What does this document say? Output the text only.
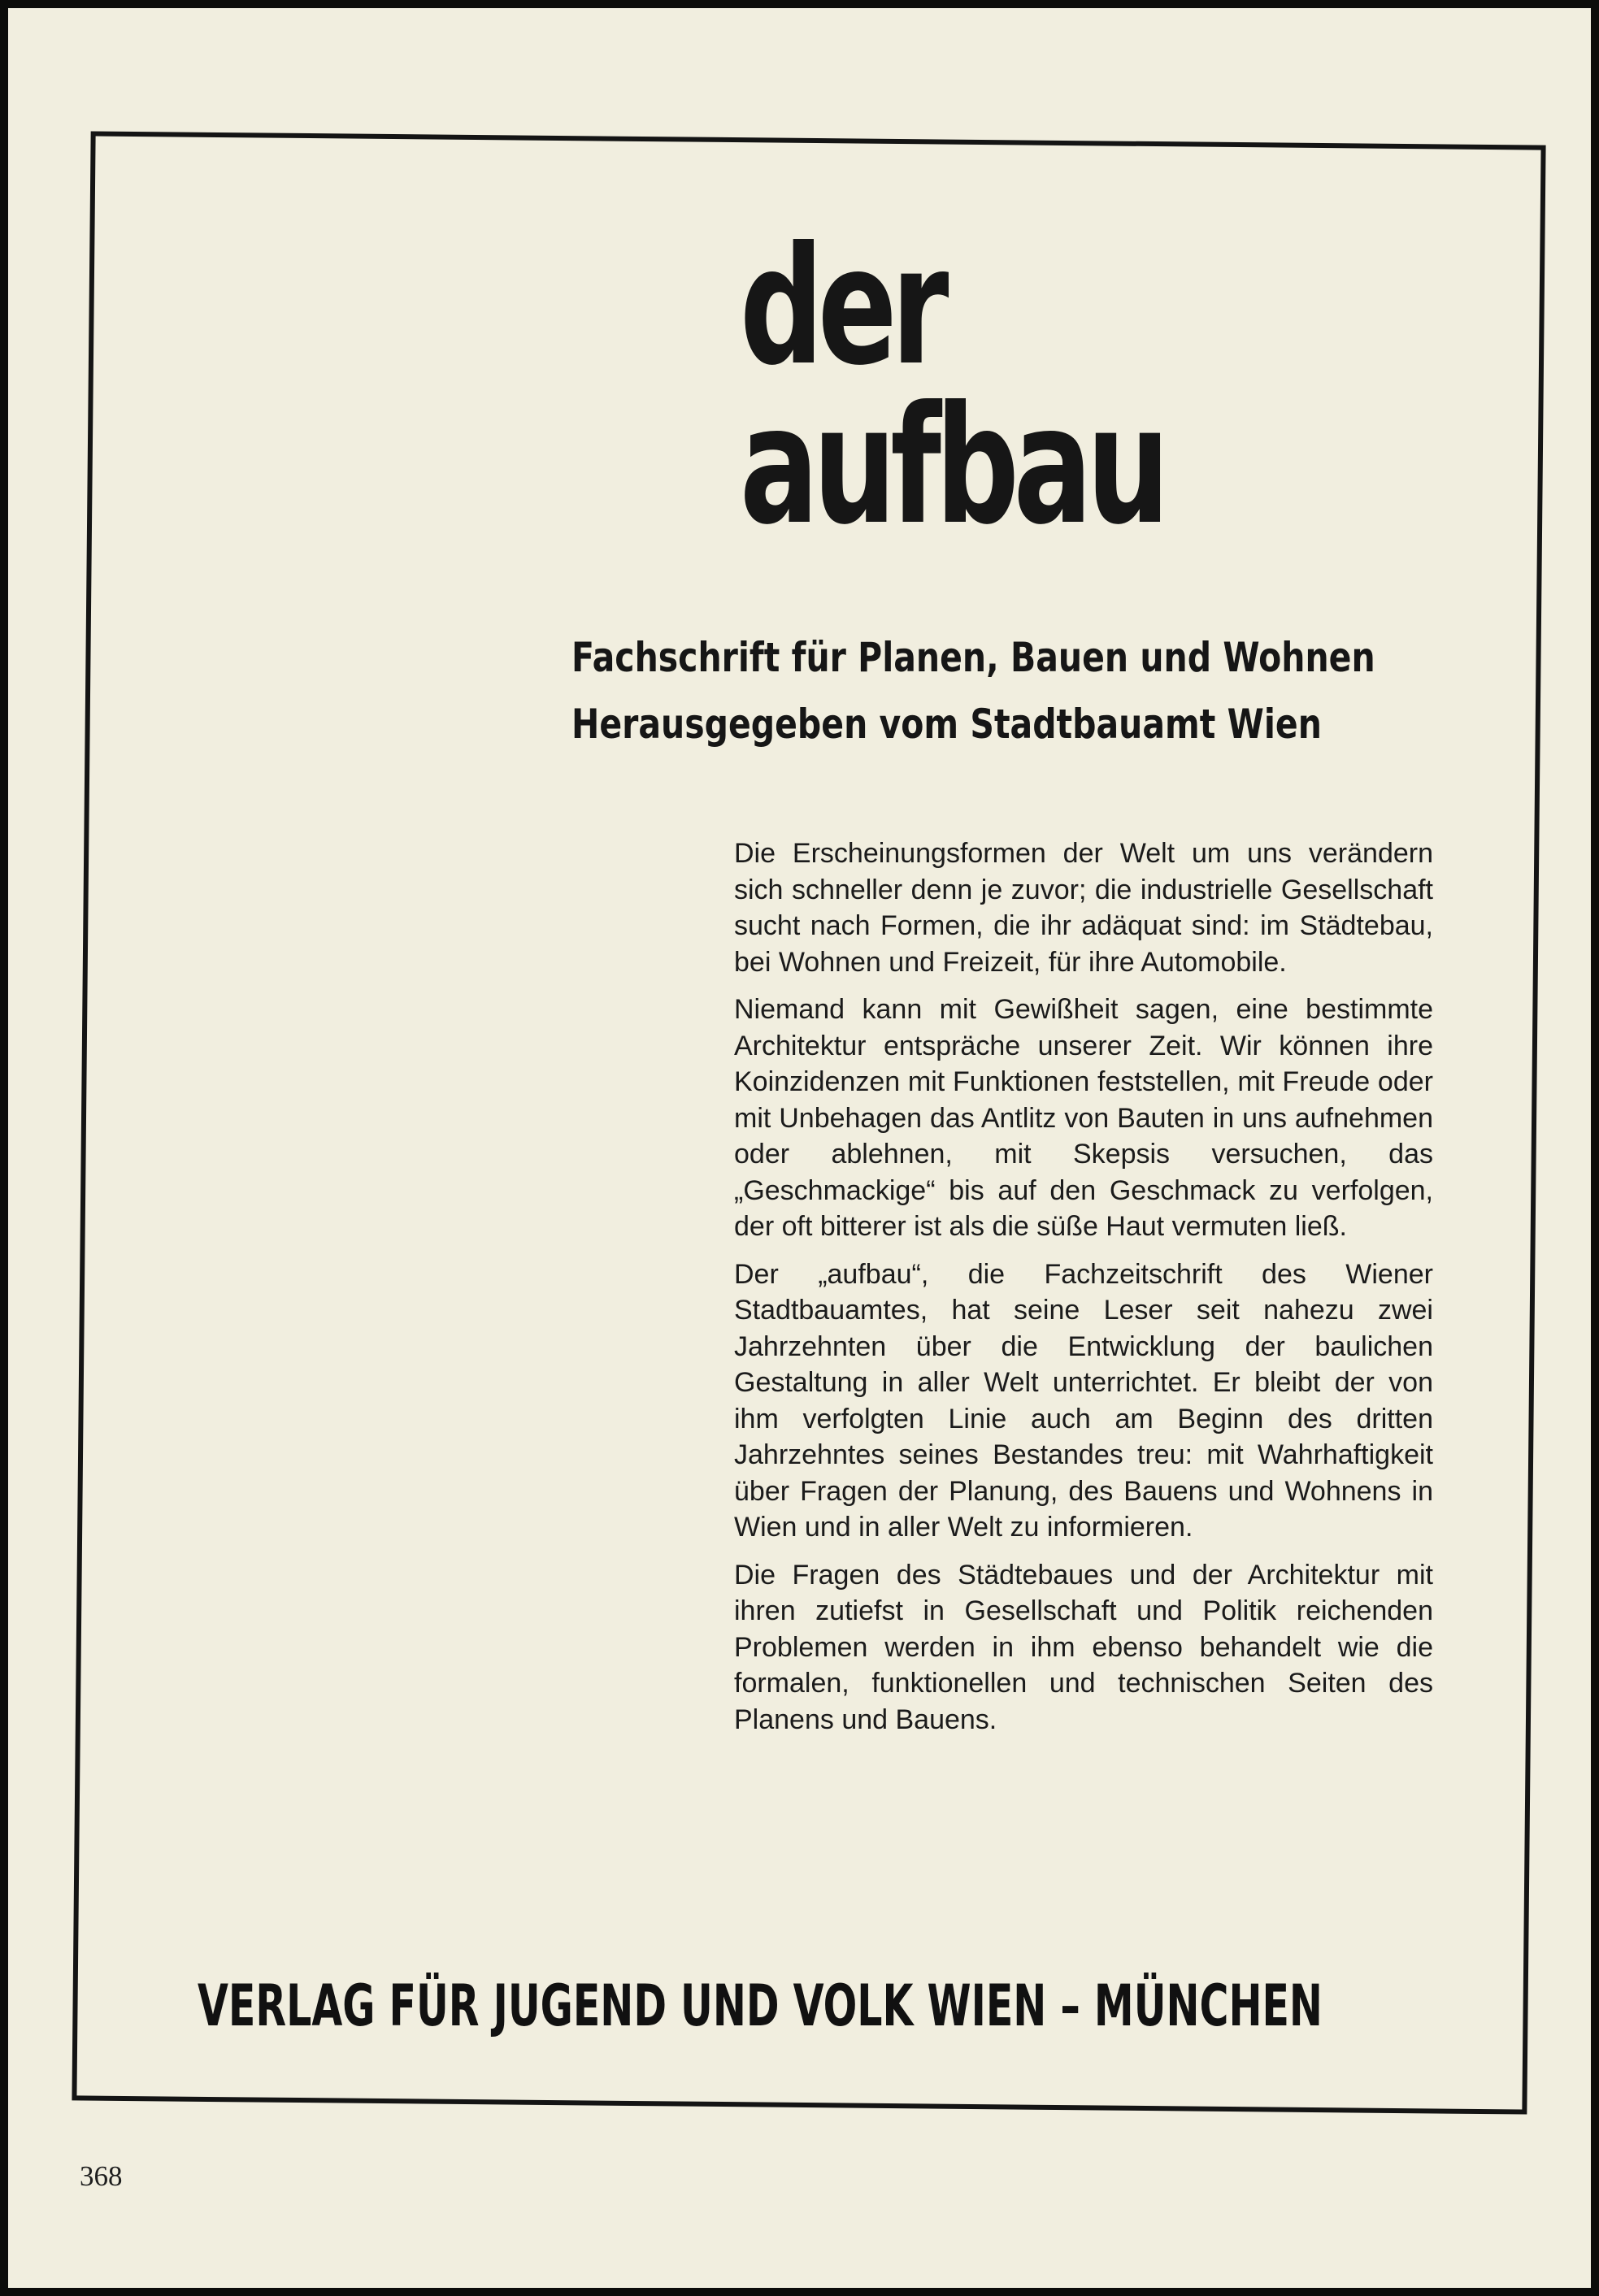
der
aufbau
Fachschrift für Planen, Bauen und Wohnen
Herausgegeben vom Stadtbauamt Wien

Die Erscheinungsformen der Welt um uns verändern sich schneller denn je zuvor; die industrielle Gesellschaft sucht nach Formen, die ihr adäquat sind: im Städtebau, bei Wohnen und Freizeit, für ihre Automobile.

Niemand kann mit Gewißheit sagen, eine bestimmte Architektur entspräche unserer Zeit. Wir können ihre Koinzidenzen mit Funktionen feststellen, mit Freude oder mit Unbehagen das Antlitz von Bauten in uns aufnehmen oder ablehnen, mit Skepsis versuchen, das „Geschmackige“ bis auf den Geschmack zu verfolgen, der oft bitterer ist als die süße Haut vermuten ließ.

Der „aufbau“, die Fachzeitschrift des Wiener Stadtbauamtes, hat seine Leser seit nahezu zwei Jahrzehnten über die Entwicklung der baulichen Gestaltung in aller Welt unterrichtet. Er bleibt der von ihm verfolgten Linie auch am Beginn des dritten Jahrzehntes seines Bestandes treu: mit Wahrhaftigkeit über Fragen der Planung, des Bauens und Wohnens in Wien und in aller Welt zu informieren.

Die Fragen des Städtebaues und der Architektur mit ihren zutiefst in Gesellschaft und Politik reichenden Problemen werden in ihm ebenso behandelt wie die formalen, funktionellen und technischen Seiten des Planens und Bauens.

VERLAG FÜR JUGEND UND VOLK WIEN – MÜNCHEN
368
